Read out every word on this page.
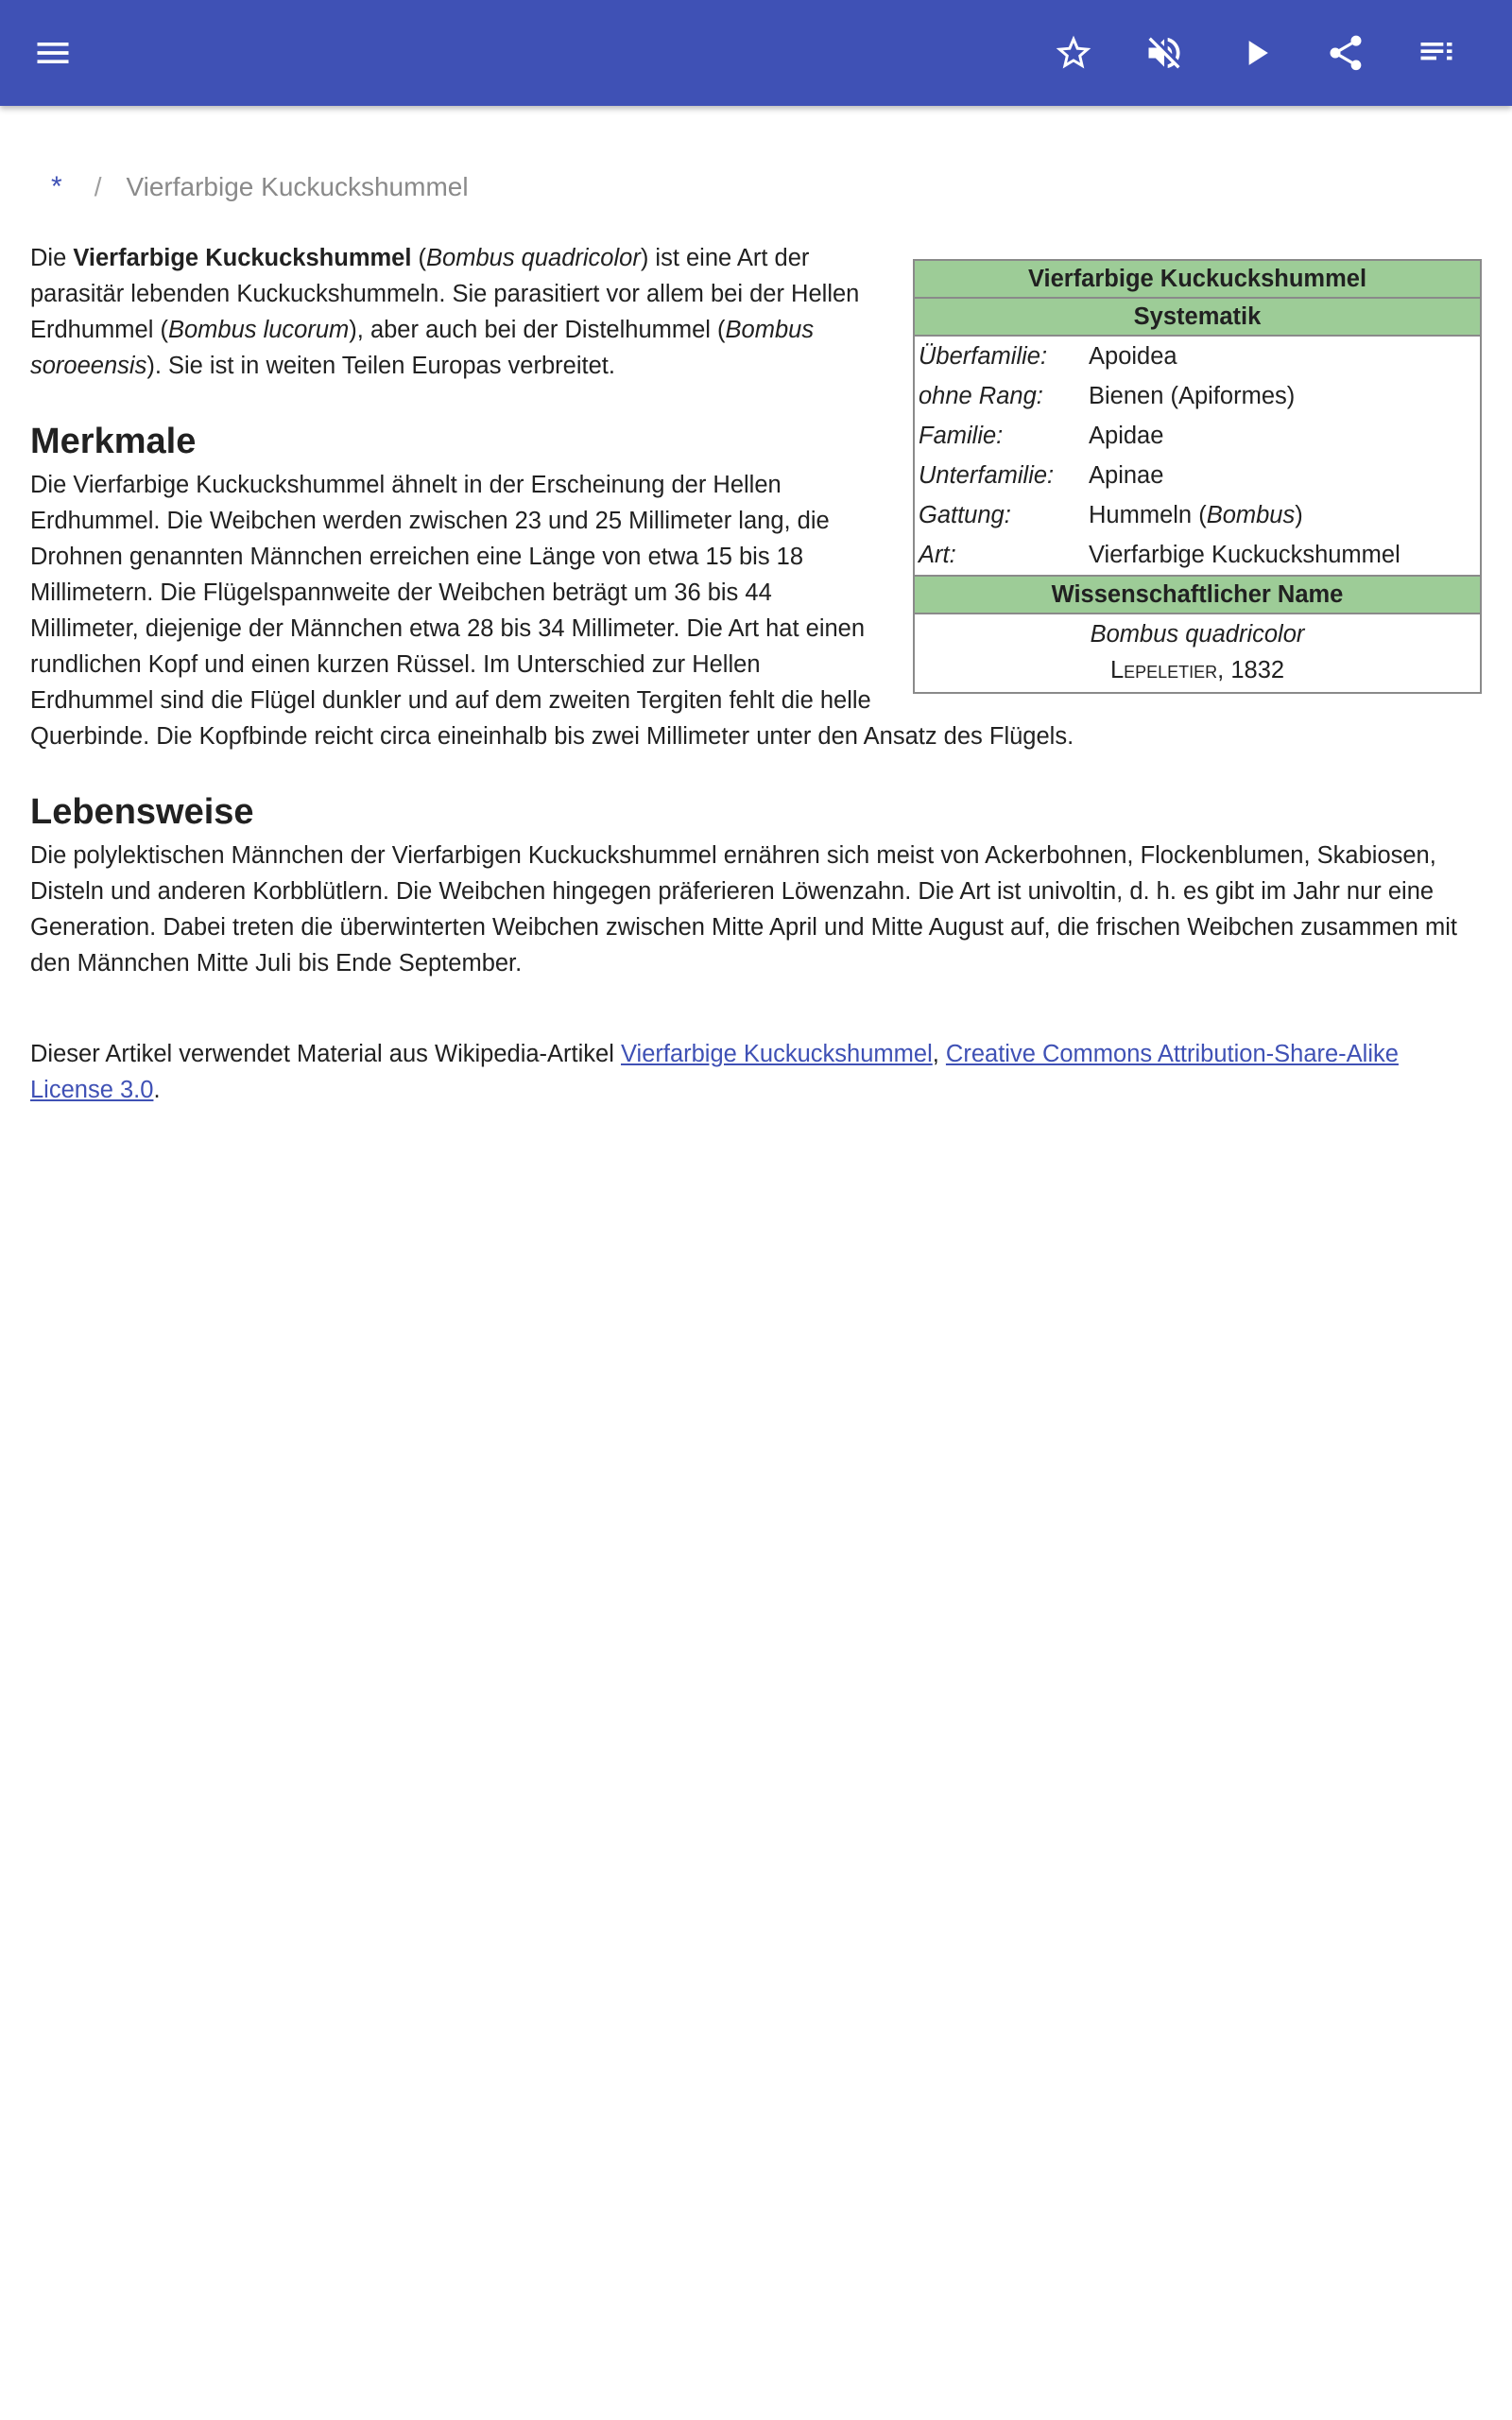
* / Vierfarbige Kuckuckshummel
Vierfarbige Kuckuckshummel
Systematik
Überfamilie:	Apoidea
ohne Rang:	Bienen (Apiformes)
Familie:	Apidae
Unterfamilie:	Apinae
Gattung:	Hummeln (Bombus)
Art:	Vierfarbige Kuckuckshummel
Wissenschaftlicher Name
Bombus quadricolor
Lepeletier, 1832

Die Vierfarbige Kuckuckshummel (Bombus quadricolor) ist eine Art der parasitär lebenden Kuckuckshummeln. Sie parasitiert vor allem bei der Hellen Erdhummel (Bombus lucorum), aber auch bei der Distelhummel (Bombus soroeensis). Sie ist in weiten Teilen Europas verbreitet.

Merkmale

Die Vierfarbige Kuckuckshummel ähnelt in der Erscheinung der Hellen Erdhummel. Die Weibchen werden zwischen 23 und 25 Millimeter lang, die Drohnen genannten Männchen erreichen eine Länge von etwa 15 bis 18 Millimetern. Die Flügelspannweite der Weibchen beträgt um 36 bis 44 Millimeter, diejenige der Männchen etwa 28 bis 34 Millimeter. Die Art hat einen rundlichen Kopf und einen kurzen Rüssel. Im Unterschied zur Hellen Erdhummel sind die Flügel dunkler und auf dem zweiten Tergiten fehlt die helle Querbinde. Die Kopfbinde reicht circa eineinhalb bis zwei Millimeter unter den Ansatz des Flügels.

Lebensweise

Die polylektischen Männchen der Vierfarbigen Kuckuckshummel ernähren sich meist von Ackerbohnen, Flockenblumen, Skabiosen, Disteln und anderen Korbblütlern. Die Weibchen hingegen präferieren Löwenzahn. Die Art ist univoltin, d. h. es gibt im Jahr nur eine Generation. Dabei treten die überwinterten Weibchen zwischen Mitte April und Mitte August auf, die frischen Weibchen zusammen mit den Männchen Mitte Juli bis Ende September.

Dieser Artikel verwendet Material aus Wikipedia-Artikel Vierfarbige Kuckuckshummel, Creative Commons Attribution-Share-Alike License 3.0.
